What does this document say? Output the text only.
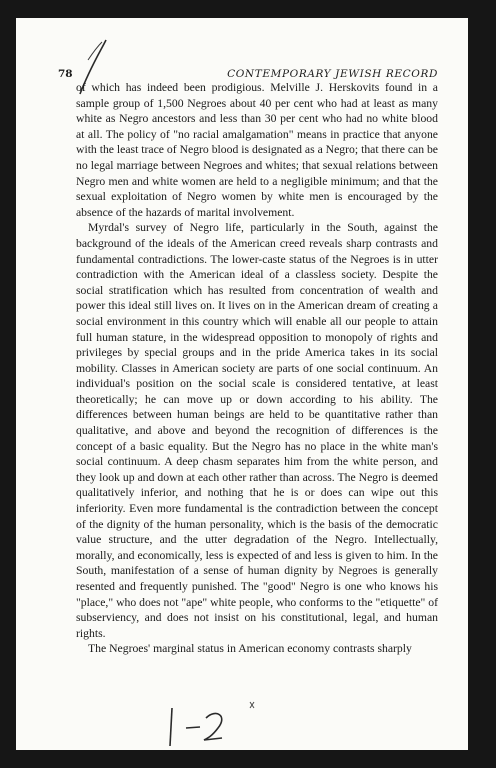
78	CONTEMPORARY JEWISH RECORD

of which has indeed been prodigious. Melville J. Herskovits found in a sample group of 1,500 Negroes about 40 per cent who had at least as many white as Negro ancestors and less than 30 per cent who had no white blood at all. The policy of "no racial amalgamation" means in practice that anyone with the least trace of Negro blood is designated as a Negro; that there can be no legal marriage between Negroes and whites; that sexual relations between Negro men and white women are held to a negligible minimum; and that the sexual exploitation of Negro women by white men is encouraged by the absence of the hazards of marital involvement.

Myrdal's survey of Negro life, particularly in the South, against the background of the ideals of the American creed reveals sharp contrasts and fundamental contradictions. The lower-caste status of the Negroes is in utter contradiction with the American ideal of a classless society. Despite the social stratification which has resulted from concentration of wealth and power this ideal still lives on. It lives on in the American dream of creating a social environment in this country which will enable all our people to attain full human stature, in the widespread opposition to monopoly of rights and privileges by special groups and in the pride America takes in its social mobility. Classes in American society are parts of one social continuum. An individual's position on the social scale is considered tentative, at least theoretically; he can move up or down according to his ability. The differences between human beings are held to be quantitative rather than qualitative, and above and beyond the recognition of differences is the concept of a basic equality. But the Negro has no place in the white man's social continuum. A deep chasm separates him from the white person, and they look up and down at each other rather than across. The Negro is deemed qualitatively inferior, and nothing that he is or does can wipe out this inferiority. Even more fundamental is the contradiction between the concept of the dignity of the human personality, which is the basis of the democratic value structure, and the utter degradation of the Negro. Intellectually, morally, and economically, less is expected of and less is given to him. In the South, manifestation of a sense of human dignity by Negroes is generally resented and frequently punished. The "good" Negro is one who knows his "place," who does not "ape" white people, who conforms to the "etiquette" of subserviency, and does not insist on his constitutional, legal, and human rights.

The Negroes' marginal status in American economy contrasts sharply
